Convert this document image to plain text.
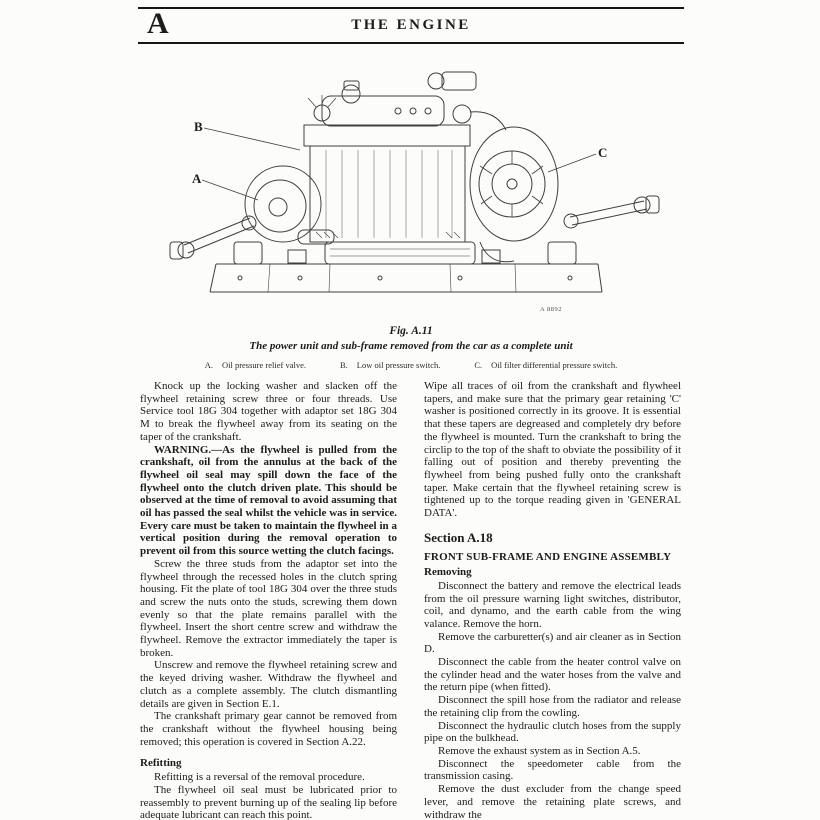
THE ENGINE
A
B
A
C
A 8892
Fig. A.11
The power unit and sub-frame removed from the car as a complete unit
A. Oil pressure relief valve.	B. Low oil pressure switch.	C. Oil filter differential pressure switch.

Knock up the locking washer and slacken off the flywheel retaining screw three or four threads. Use Service tool 18G 304 together with adaptor set 18G 304 M to break the flywheel away from its seating on the taper of the crankshaft.

WARNING.—As the flywheel is pulled from the crankshaft, oil from the annulus at the back of the flywheel oil seal may spill down the face of the flywheel onto the clutch driven plate. This should be observed at the time of removal to avoid assuming that oil has passed the seal whilst the vehicle was in service. Every care must be taken to maintain the flywheel in a vertical position during the removal operation to prevent oil from this source wetting the clutch facings.

Screw the three studs from the adaptor set into the flywheel through the recessed holes in the clutch spring housing. Fit the plate of tool 18G 304 over the three studs and screw the nuts onto the studs, screwing them down evenly so that the plate remains parallel with the flywheel. Insert the short centre screw and withdraw the flywheel. Remove the extractor immediately the taper is broken.

Unscrew and remove the flywheel retaining screw and the keyed driving washer. Withdraw the flywheel and clutch as a complete assembly. The clutch dismantling details are given in Section E.1.

The crankshaft primary gear cannot be removed from the crankshaft without the flywheel housing being removed; this operation is covered in Section A.22.

Refitting

Refitting is a reversal of the removal procedure.

The flywheel oil seal must be lubricated prior to reassembly to prevent burning up of the sealing lip before adequate lubricant can reach this point.

Wipe all traces of oil from the crankshaft and flywheel tapers, and make sure that the primary gear retaining 'C' washer is positioned correctly in its groove. It is essential that these tapers are degreased and completely dry before the flywheel is mounted. Turn the crankshaft to bring the circlip to the top of the shaft to obviate the possibility of it falling out of position and thereby preventing the flywheel from being pushed fully onto the crankshaft taper. Make certain that the flywheel retaining screw is tightened up to the torque reading given in 'GENERAL DATA'.

Section A.18

FRONT SUB-FRAME AND ENGINE ASSEMBLY

Removing

Disconnect the battery and remove the electrical leads from the oil pressure warning light switches, distributor, coil, and dynamo, and the earth cable from the wing valance. Remove the horn.

Remove the carburetter(s) and air cleaner as in Section D.

Disconnect the cable from the heater control valve on the cylinder head and the water hoses from the valve and the return pipe (when fitted).

Disconnect the spill hose from the radiator and release the retaining clip from the cowling.

Disconnect the hydraulic clutch hoses from the supply pipe on the bulkhead.

Remove the exhaust system as in Section A.5.

Disconnect the speedometer cable from the transmission casing.

Remove the dust excluder from the change speed lever, and remove the retaining plate screws, and withdraw the
